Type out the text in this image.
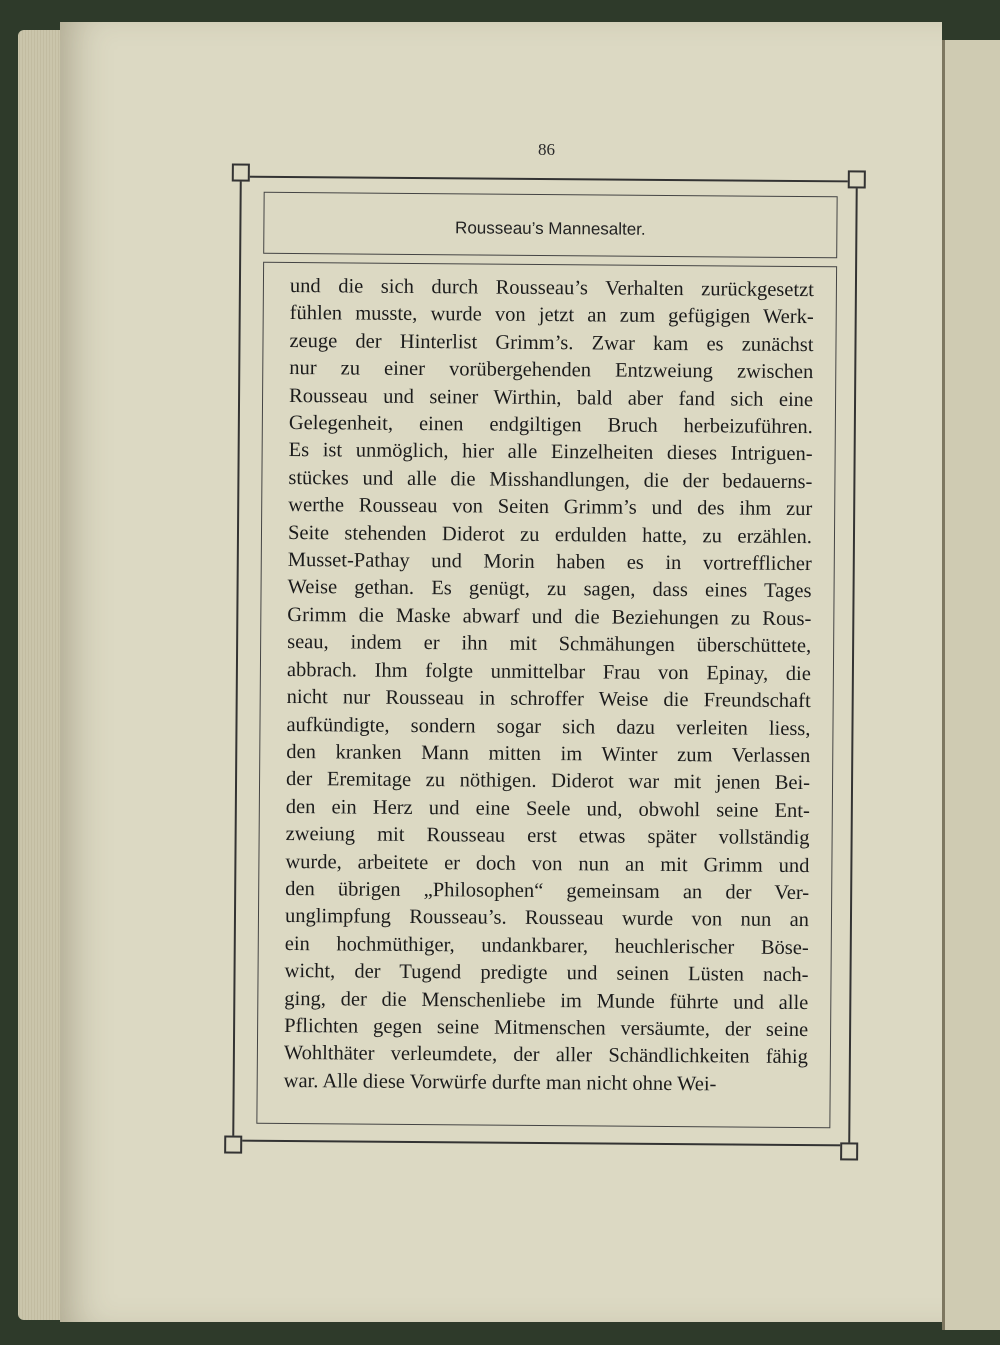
86
Rousseau’s Mannesalter.
und die sich durch Rousseau’s Verhalten zurückgesetzt
fühlen musste, wurde von jetzt an zum gefügigen Werk-
zeuge der Hinterlist Grimm’s. Zwar kam es zunächst
nur zu einer vorübergehenden Entzweiung zwischen
Rousseau und seiner Wirthin, bald aber fand sich eine
Gelegenheit, einen endgiltigen Bruch herbeizuführen.
Es ist unmöglich, hier alle Einzelheiten dieses Intriguen-
stückes und alle die Misshandlungen, die der bedauerns-
werthe Rousseau von Seiten Grimm’s und des ihm zur
Seite stehenden Diderot zu erdulden hatte, zu erzählen.
Musset-Pathay und Morin haben es in vortrefflicher
Weise gethan. Es genügt, zu sagen, dass eines Tages
Grimm die Maske abwarf und die Beziehungen zu Rous-
seau, indem er ihn mit Schmähungen überschüttete,
abbrach. Ihm folgte unmittelbar Frau von Epinay, die
nicht nur Rousseau in schroffer Weise die Freundschaft
aufkündigte, sondern sogar sich dazu verleiten liess,
den kranken Mann mitten im Winter zum Verlassen
der Eremitage zu nöthigen. Diderot war mit jenen Bei-
den ein Herz und eine Seele und, obwohl seine Ent-
zweiung mit Rousseau erst etwas später vollständig
wurde, arbeitete er doch von nun an mit Grimm und
den übrigen „Philosophen“ gemeinsam an der Ver-
unglimpfung Rousseau’s. Rousseau wurde von nun an
ein hochmüthiger, undankbarer, heuchlerischer Böse-
wicht, der Tugend predigte und seinen Lüsten nach-
ging, der die Menschenliebe im Munde führte und alle
Pflichten gegen seine Mitmenschen versäumte, der seine
Wohlthäter verleumdete, der aller Schändlichkeiten fähig
war. Alle diese Vorwürfe durfte man nicht ohne Wei-
